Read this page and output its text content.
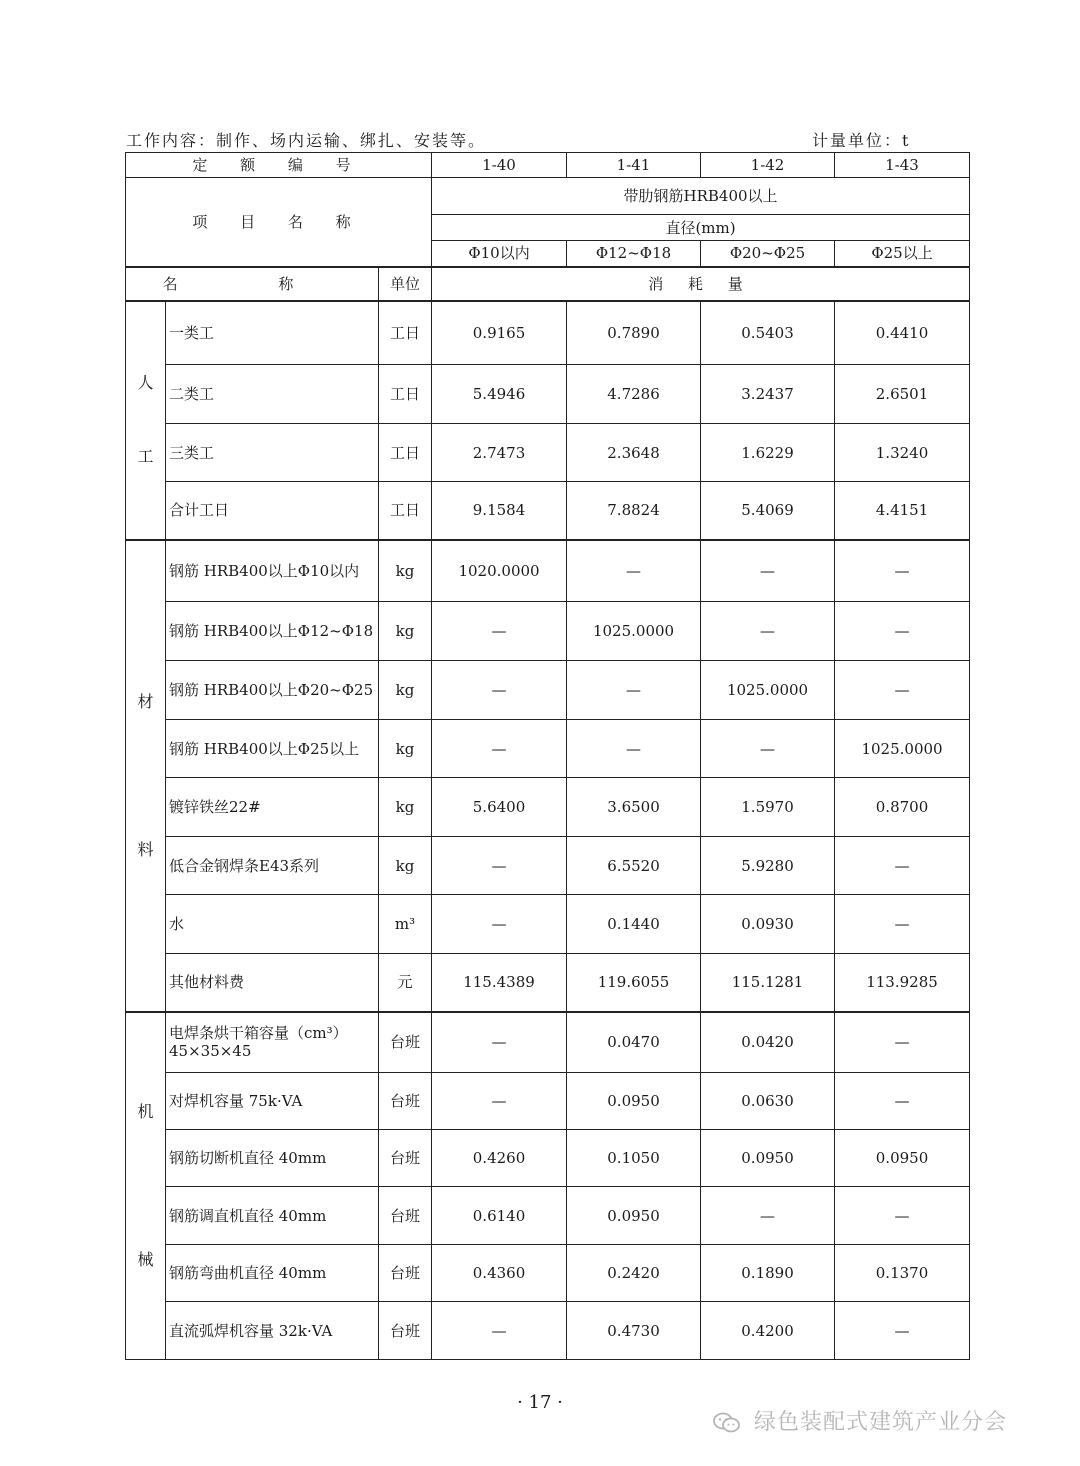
工作内容：制作、场内运输、绑扎、安装等。	计量单位：t
定 额 编 号			1-40	1-41	1-42	1-43
项 目 名 称			带肋钢筋HRB400以上			
			直径(mm)			
			Φ10以内	Φ12~Φ18	Φ20~Φ25	Φ25以上
名 称		单位	消 耗 量			

人
工	一类工	工日	0.9165	0.7890	0.5403	0.4410
	二类工	工日	5.4946	4.7286	3.2437	2.6501
	三类工	工日	2.7473	2.3648	1.6229	1.3240
	合计工日	工日	9.1584	7.8824	5.4069	4.4151

材
料	钢筋 HRB400以上Φ10以内	kg	1020.0000	—	—	—
	钢筋 HRB400以上Φ12~Φ18	kg	—	1025.0000	—	—
	钢筋 HRB400以上Φ20~Φ25	kg	—	—	1025.0000	—
	钢筋 HRB400以上Φ25以上	kg	—	—	—	1025.0000
	镀锌铁丝22#	kg	5.6400	3.6500	1.5970	0.8700
	低合金钢焊条E43系列	kg	—	6.5520	5.9280	—
	水	m³	—	0.1440	0.0930	—
	其他材料费	元	115.4389	119.6055	115.1281	113.9285

机
械	电焊条烘干箱容量（cm³）
45×35×45	台班	—	0.0470	0.0420	—
	对焊机容量 75k·VA	台班	—	0.0950	0.0630	—
	钢筋切断机直径 40mm	台班	0.4260	0.1050	0.0950	0.0950
	钢筋调直机直径 40mm	台班	0.6140	0.0950	—	—
	钢筋弯曲机直径 40mm	台班	0.4360	0.2420	0.1890	0.1370
	直流弧焊机容量 32k·VA	台班	—	0.4730	0.4200	—
· 17 ·
绿色装配式建筑产业分会
